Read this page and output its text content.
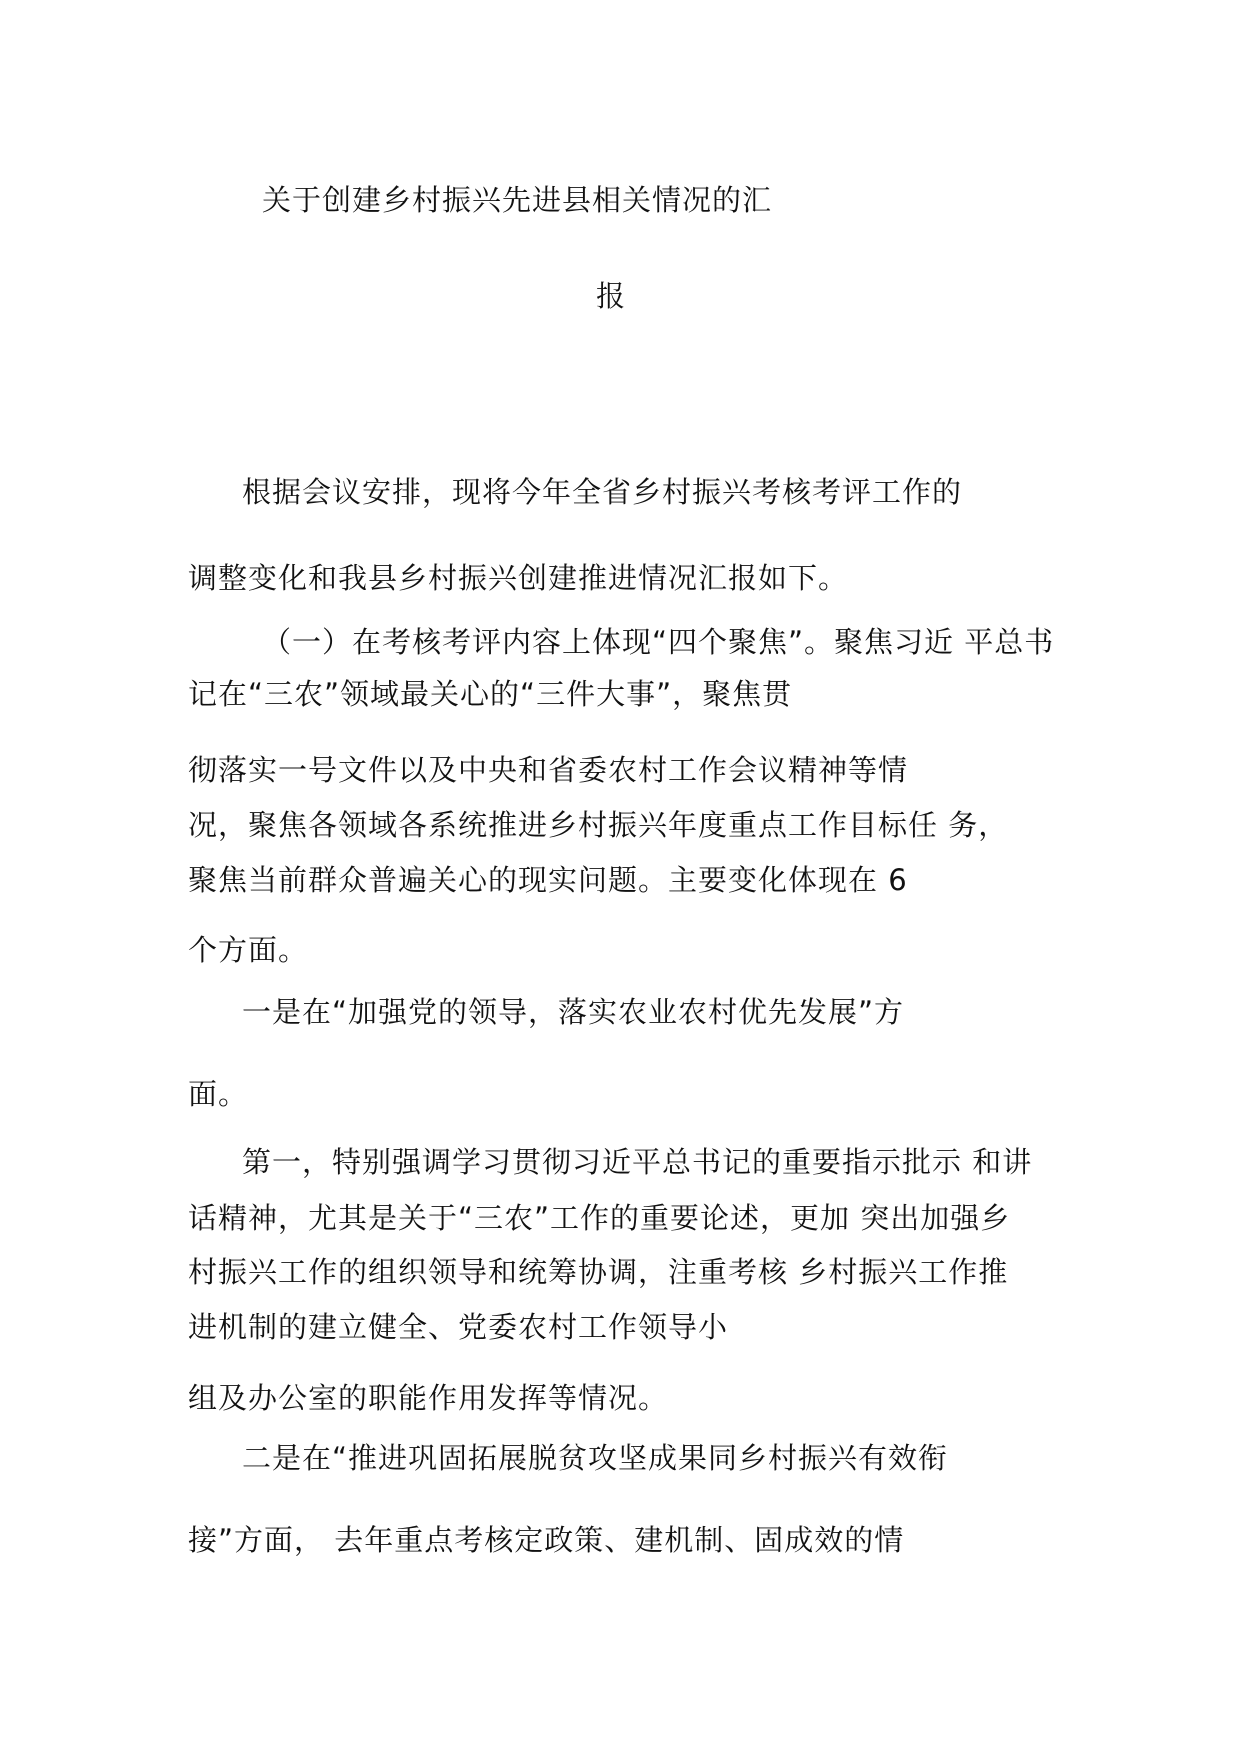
关于创建乡村振兴先进县相关情况的汇
报
根据会议安排，现将今年全省乡村振兴考核考评工作的
调整变化和我县乡村振兴创建推进情况汇报如下。
（一）在考核考评内容上体现“四个聚焦”。聚焦习近 平总书
记在“三农”领域最关心的“三件大事”，聚焦贯
彻落实一号文件以及中央和省委农村工作会议精神等情
况，聚焦各领域各系统推进乡村振兴年度重点工作目标任 务，
聚焦当前群众普遍关心的现实问题。主要变化体现在 6
个方面。
一是在“加强党的领导，落实农业农村优先发展”方
面。
第一，特别强调学习贯彻习近平总书记的重要指示批示 和讲
话精神，尤其是关于“三农”工作的重要论述，更加 突出加强乡
村振兴工作的组织领导和统筹协调，注重考核 乡村振兴工作推
进机制的建立健全、党委农村工作领导小
组及办公室的职能作用发挥等情况。
二是在“推进巩固拓展脱贫攻坚成果同乡村振兴有效衔
接”方面， 去年重点考核定政策、建机制、固成效的情
